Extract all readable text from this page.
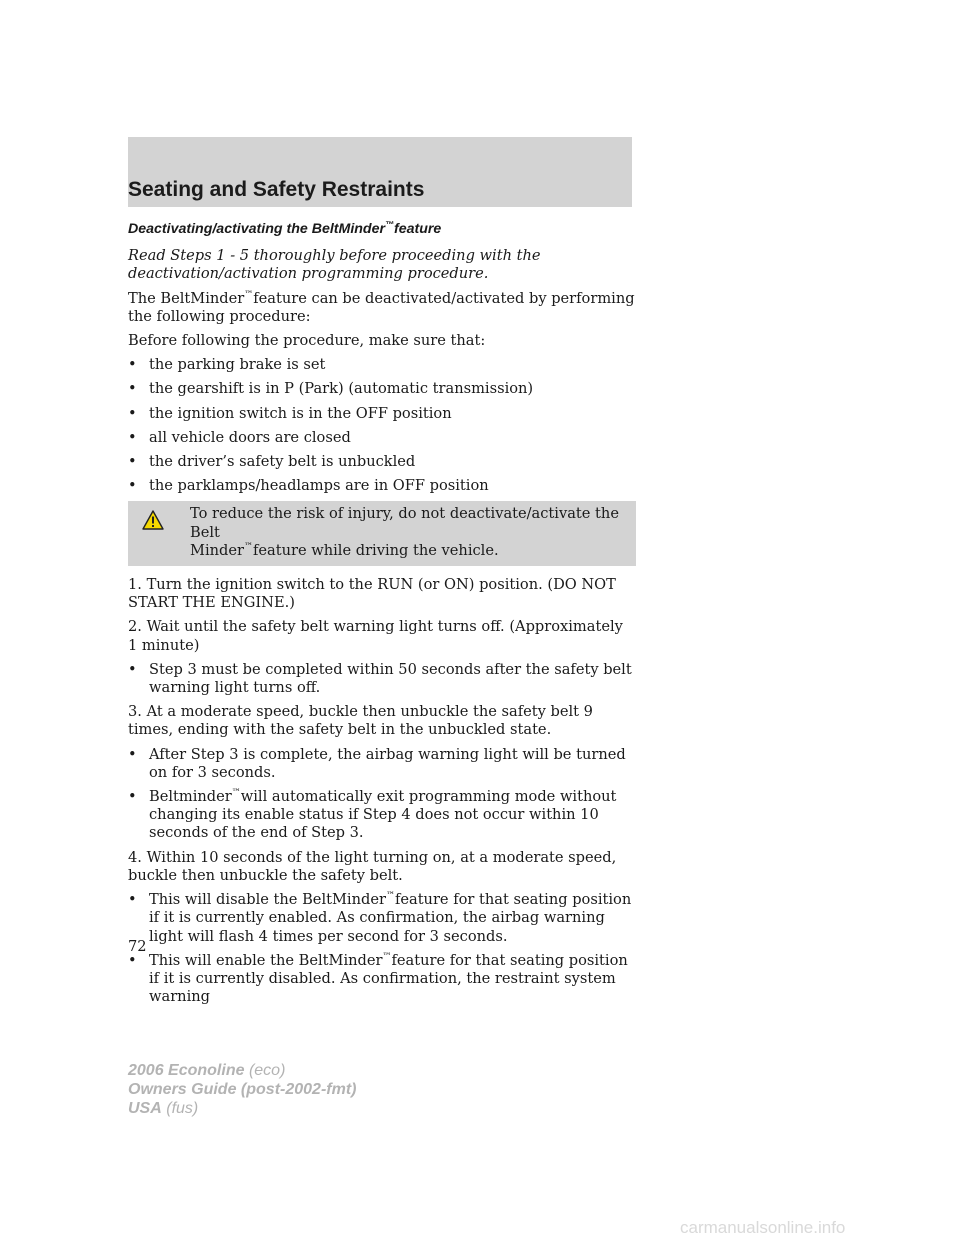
Seating and Safety Restraints
Deactivating/activating the BeltMinder™feature

Read Steps 1 - 5 thoroughly before proceeding with the deactivation/activation programming procedure.

The BeltMinder™feature can be deactivated/activated by performing the following procedure:

Before following the procedure, make sure that:

• the parking brake is set
• the gearshift is in P (Park) (automatic transmission)
• the ignition switch is in the OFF position
• all vehicle doors are closed
• the driver’s safety belt is unbuckled
• the parklamps/headlamps are in OFF position
To reduce the risk of injury, do not deactivate/activate the Belt
Minder™feature while driving the vehicle.

1. Turn the ignition switch to the RUN (or ON) position. (DO NOT START THE ENGINE.)

2. Wait until the safety belt warning light turns off. (Approximately 1 minute)

• Step 3 must be completed within 50 seconds after the safety belt warning light turns off.

3. At a moderate speed, buckle then unbuckle the safety belt 9 times, ending with the safety belt in the unbuckled state.

• After Step 3 is complete, the airbag warning light will be turned on for 3 seconds.
• Beltminder™will automatically exit programming mode without changing its enable status if Step 4 does not occur within 10 seconds of the end of Step 3.

4. Within 10 seconds of the light turning on, at a moderate speed, buckle then unbuckle the safety belt.

• This will disable the BeltMinder™feature for that seating position if it is currently enabled. As confirmation, the airbag warning light will flash 4 times per second for 3 seconds.
• This will enable the BeltMinder™feature for that seating position if it is currently disabled. As confirmation, the restraint system warning
72
2006 Econoline (eco)
Owners Guide (post-2002-fmt)
USA (fus)
carmanualsonline.info
